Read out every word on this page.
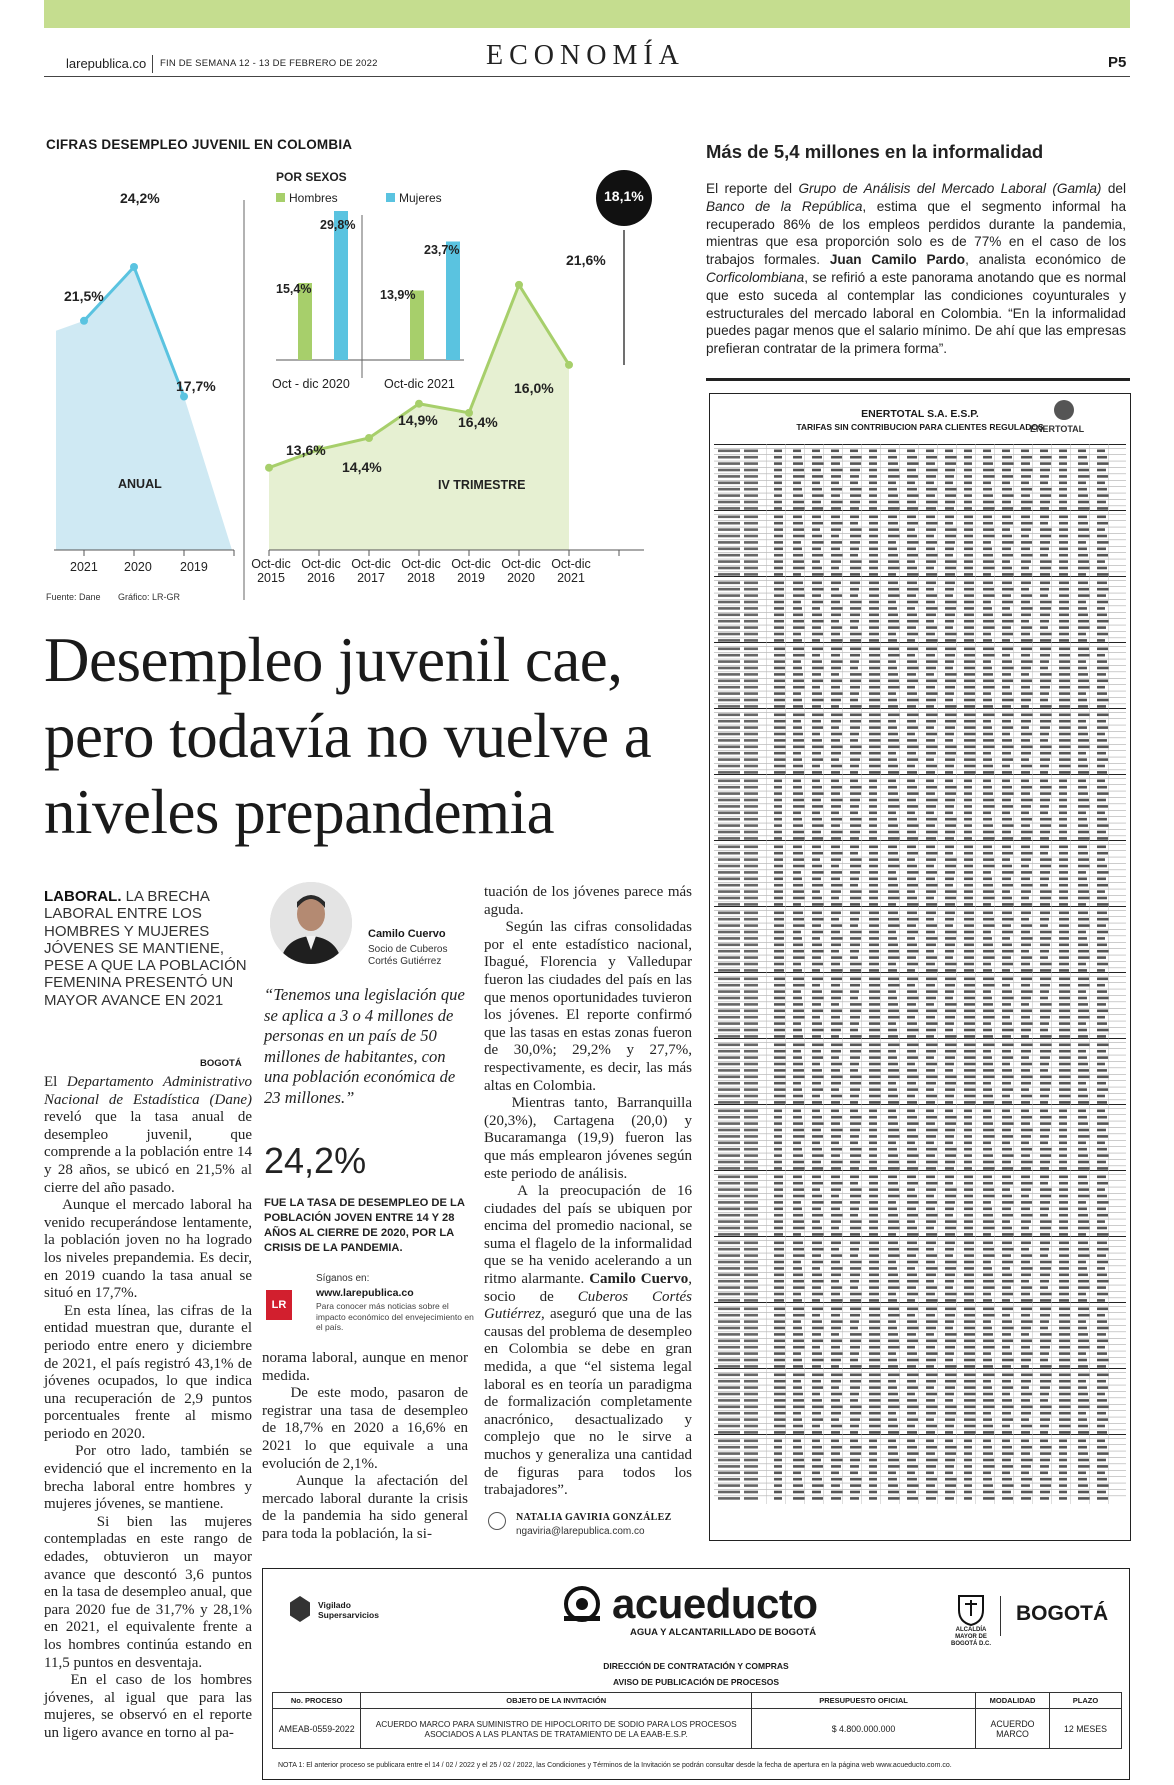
larepublica.co FIN DE SEMANA 12 - 13 DE FEBRERO DE 2022	ECONOMÍA	P5
CIFRAS DESEMPLEO JUVENIL EN COLOMBIA
24,2%
21,5%
17,7%
ANUAL
2021 2020 2019
Fuente: Dane Gráfico: LR-GR
POR SEXOS
Hombres	Mujeres
15,4%
29,8%
13,9%
23,7%
Oct - dic 2020	Oct-dic 2021
13,6%
14,4%
14,9% 16,4%
16,0%
21,6%
18,1%
IV TRIMESTRE
Oct-dic
2015
Oct-dic
2016
Oct-dic
2017
Oct-dic
2018
Oct-dic
2019
Oct-dic
2020
Oct-dic
2021
Más de 5,4 millones en la informalidad
El reporte del Grupo de Análisis del Mercado Laboral (Gamla) del Banco de la República, estima que el segmento informal ha recuperado 86% de los empleos perdidos durante la pandemia, mientras que esa proporción solo es de 77% en el caso de los trabajos formales. Juan Camilo Pardo, analista económico de Corficolombiana, se refirió a este panorama anotando que es normal que esto suceda al contemplar las condiciones coyunturales y estructurales del mercado laboral en Colombia. “En la informalidad puedes pagar menos que el salario mínimo. De ahí que las empresas prefieran contratar de la primera forma”.
ENERTOTAL S.A. E.S.P.
TARIFAS SIN CONTRIBUCION PARA CLIENTES REGULADOS
ENERTOTAL
Desempleo juvenil cae, pero todavía no vuelve a niveles prepandemia
LABORAL. LA BRECHA LABORAL ENTRE LOS HOMBRES Y MUJERES JÓVENES SE MANTIENE, PESE A QUE LA POBLACIÓN FEMENINA PRESENTÓ UN MAYOR AVANCE EN 2021
BOGOTÁ
El Departamento Administrativo Nacional de Estadística (Dane) reveló que la tasa anual de desempleo juvenil, que comprende a la población entre 14 y 28 años, se ubicó en 21,5% al cierre del año pasado.
Aunque el mercado laboral ha venido recuperándose lentamente, la población joven no ha logrado los niveles prepandemia. Es decir, en 2019 cuando la tasa anual se situó en 17,7%.
En esta línea, las cifras de la entidad muestran que, durante el periodo entre enero y diciembre de 2021, el país registró 43,1% de jóvenes ocupados, lo que indica una recuperación de 2,9 puntos porcentuales frente al mismo periodo en 2020.
Por otro lado, también se evidenció que el incremento en la brecha laboral entre hombres y mujeres jóvenes, se mantiene.
Si bien las mujeres contempladas en este rango de edades, obtuvieron un mayor avance que descontó 3,6 puntos en la tasa de desempleo anual, que para 2020 fue de 31,7% y 28,1% en 2021, el equivalente frente a los hombres continúa estando en 11,5 puntos en desventaja.
En el caso de los hombres jóvenes, al igual que para las mujeres, se observó en el reporte un ligero avance en torno al pa-
Camilo Cuervo
Socio de Cuberos Cortés Gutiérrez
“Tenemos una legislación que se aplica a 3 o 4 millones de personas en un país de 50 millones de habitantes, con una población económica de 23 millones.”
24,2%
FUE LA TASA DE DESEMPLEO DE LA POBLACIÓN JOVEN ENTRE 14 Y 28 AÑOS AL CIERRE DE 2020, POR LA CRISIS DE LA PANDEMIA.
LR
Síganos en:
www.larepublica.co
Para conocer más noticias sobre el impacto económico del envejecimiento en el país.
norama laboral, aunque en menor medida.
De este modo, pasaron de registrar una tasa de desempleo de 18,7% en 2020 a 16,6% en 2021 lo que equivale a una evolución de 2,1%.
Aunque la afectación del mercado laboral durante la crisis de la pandemia ha sido general para toda la población, la si-
tuación de los jóvenes parece más aguda.
Según las cifras consolidadas por el ente estadístico nacional, Ibagué, Florencia y Valledupar fueron las ciudades del país en las que menos oportunidades tuvieron los jóvenes. El reporte confirmó que las tasas en estas zonas fueron de 30,0%; 29,2% y 27,7%, respectivamente, es decir, las más altas en Colombia.
Mientras tanto, Barranquilla (20,3%), Cartagena (20,0) y Bucaramanga (19,9) fueron las que más emplearon jóvenes según este periodo de análisis.
A la preocupación de 16 ciudades del país se ubiquen por encima del promedio nacional, se suma el flagelo de la informalidad que se ha venido acelerando a un ritmo alarmante. Camilo Cuervo, socio de Cuberos Cortés Gutiérrez, aseguró que una de las causas del problema de desempleo en Colombia se debe en gran medida, a que “el sistema legal laboral es en teoría un paradigma de formalización completamente anacrónico, desactualizado y complejo que no le sirve a muchos y generaliza una cantidad de figuras para todos los trabajadores”.
NATALIA GAVIRIA GONZÁLEZ
ngaviria@larepublica.com.co
Vigilado Supersarvicios	acueducto
AGUA Y ALCANTARILLADO DE BOGOTÁ	ALCALDÍA MAYOR DE BOGOTÁ D.C.
BOGOTÁ
DIRECCIÓN DE CONTRATACIÓN Y COMPRAS
AVISO DE PUBLICACIÓN DE PROCESOS
No. PROCESO	OBJETO DE LA INVITACIÓN	PRESUPUESTO OFICIAL	MODALIDAD	PLAZO
AMEAB-0559-2022	ACUERDO MARCO PARA SUMINISTRO DE HIPOCLORITO DE SODIO PARA LOS PROCESOS ASOCIADOS A LAS PLANTAS DE TRATAMIENTO DE LA EAAB-E.S.P.	$ 4.800.000.000	ACUERDO MARCO	12 MESES
NOTA 1: El anterior proceso se publicara entre el 14 / 02 / 2022 y el 25 / 02 / 2022, las Condiciones y Términos de la Invitación se podrán consultar desde la fecha de apertura en la página web www.acueducto.com.co.
